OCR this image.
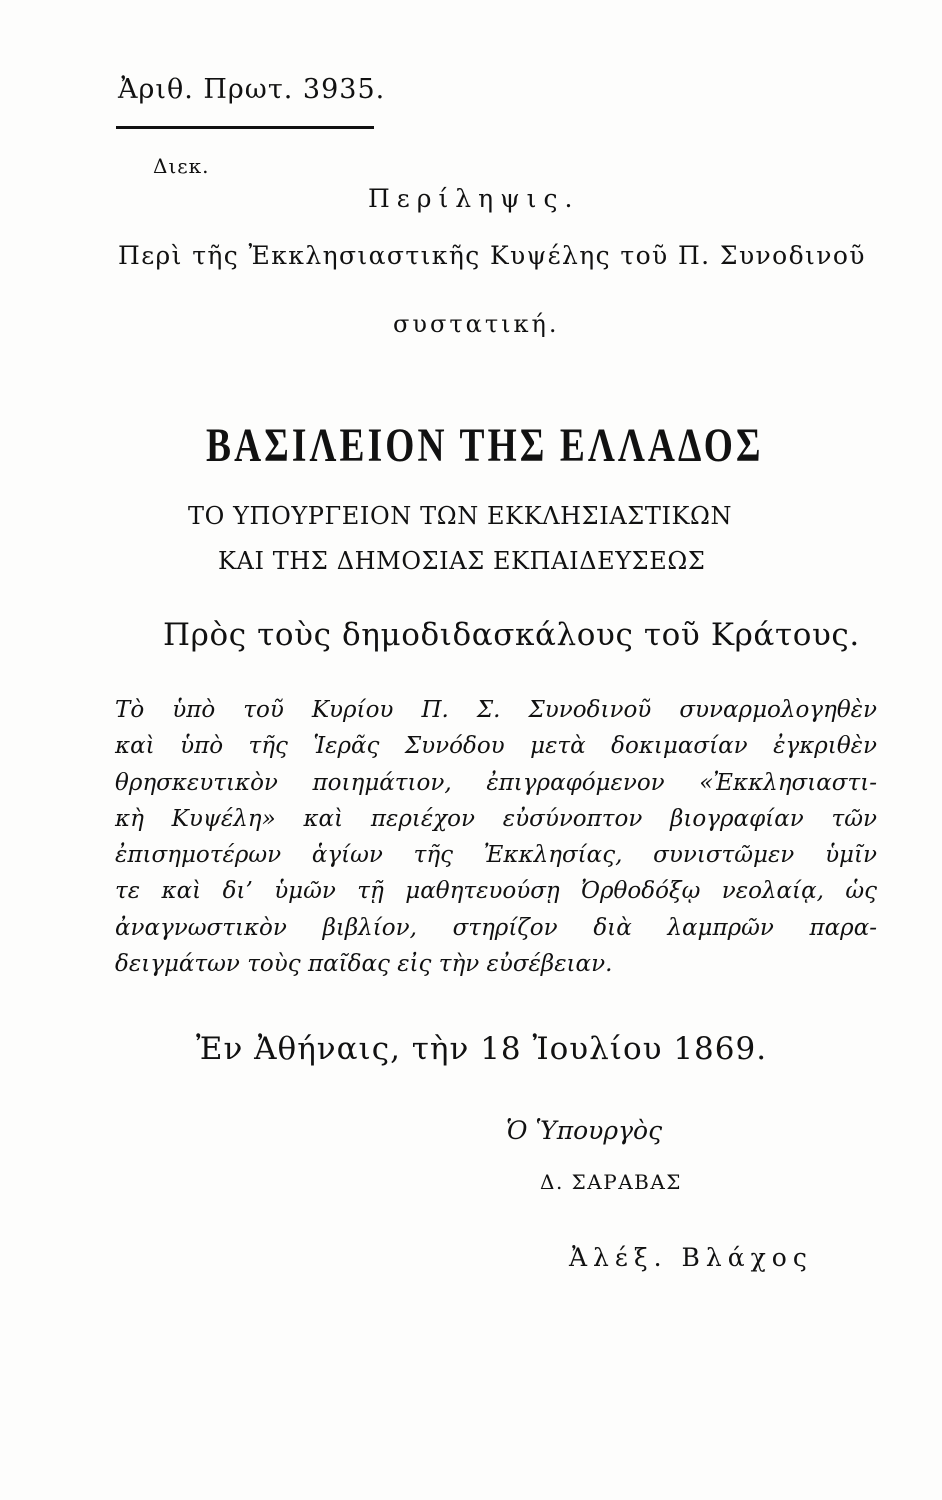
Ἀριθ. Πρωτ. 3935.
Διεκ.
Περίληψις.
Περὶ τῆς Ἐκκλησιαστικῆς Κυψέλης τοῦ Π. Συνοδινοῦ
συστατική.
ΒΑΣΙΛΕΙΟΝ ΤΗΣ ΕΛΛΑΔΟΣ
ΤΟ ΥΠΟΥΡΓΕΙΟΝ ΤΩΝ ΕΚΚΛΗΣΙΑΣΤΙΚΩΝ
ΚΑΙ ΤΗΣ ΔΗΜΟΣΙΑΣ ΕΚΠΑΙΔΕΥΣΕΩΣ
Πρὸς τοὺς δημοδιδασκάλους τοῦ Κράτους.
Τὸ ὑπὸ τοῦ Κυρίου Π. Σ. Συνοδινοῦ συναρμολογηθὲν
καὶ ὑπὸ τῆς Ἱερᾶς Συνόδου μετὰ δοκιμασίαν ἐγκριθὲν
θρησκευτικὸν ποιημάτιον, ἐπιγραφόμενον «Ἐκκλησιαστι-
κὴ Κυψέλη» καὶ περιέχον εὐσύνοπτον βιογραφίαν τῶν
ἐπισημοτέρων ἁγίων τῆς Ἐκκλησίας, συνιστῶμεν ὑμῖν
τε καὶ δι’ ὑμῶν τῇ μαθητευούσῃ Ὀρθοδόξῳ νεολαίᾳ, ὡς
ἀναγνωστικὸν βιβλίον, στηρίζον διὰ λαμπρῶν παρα-
δειγμάτων τοὺς παῖδας εἰς τὴν εὐσέβειαν.
Ἐν Ἀθήναις, τὴν 18 Ἰουλίου 1869.
Ὁ Ὑπουργὸς
Δ. ΣΑΡΑΒΑΣ
Ἀλέξ. Βλάχος
